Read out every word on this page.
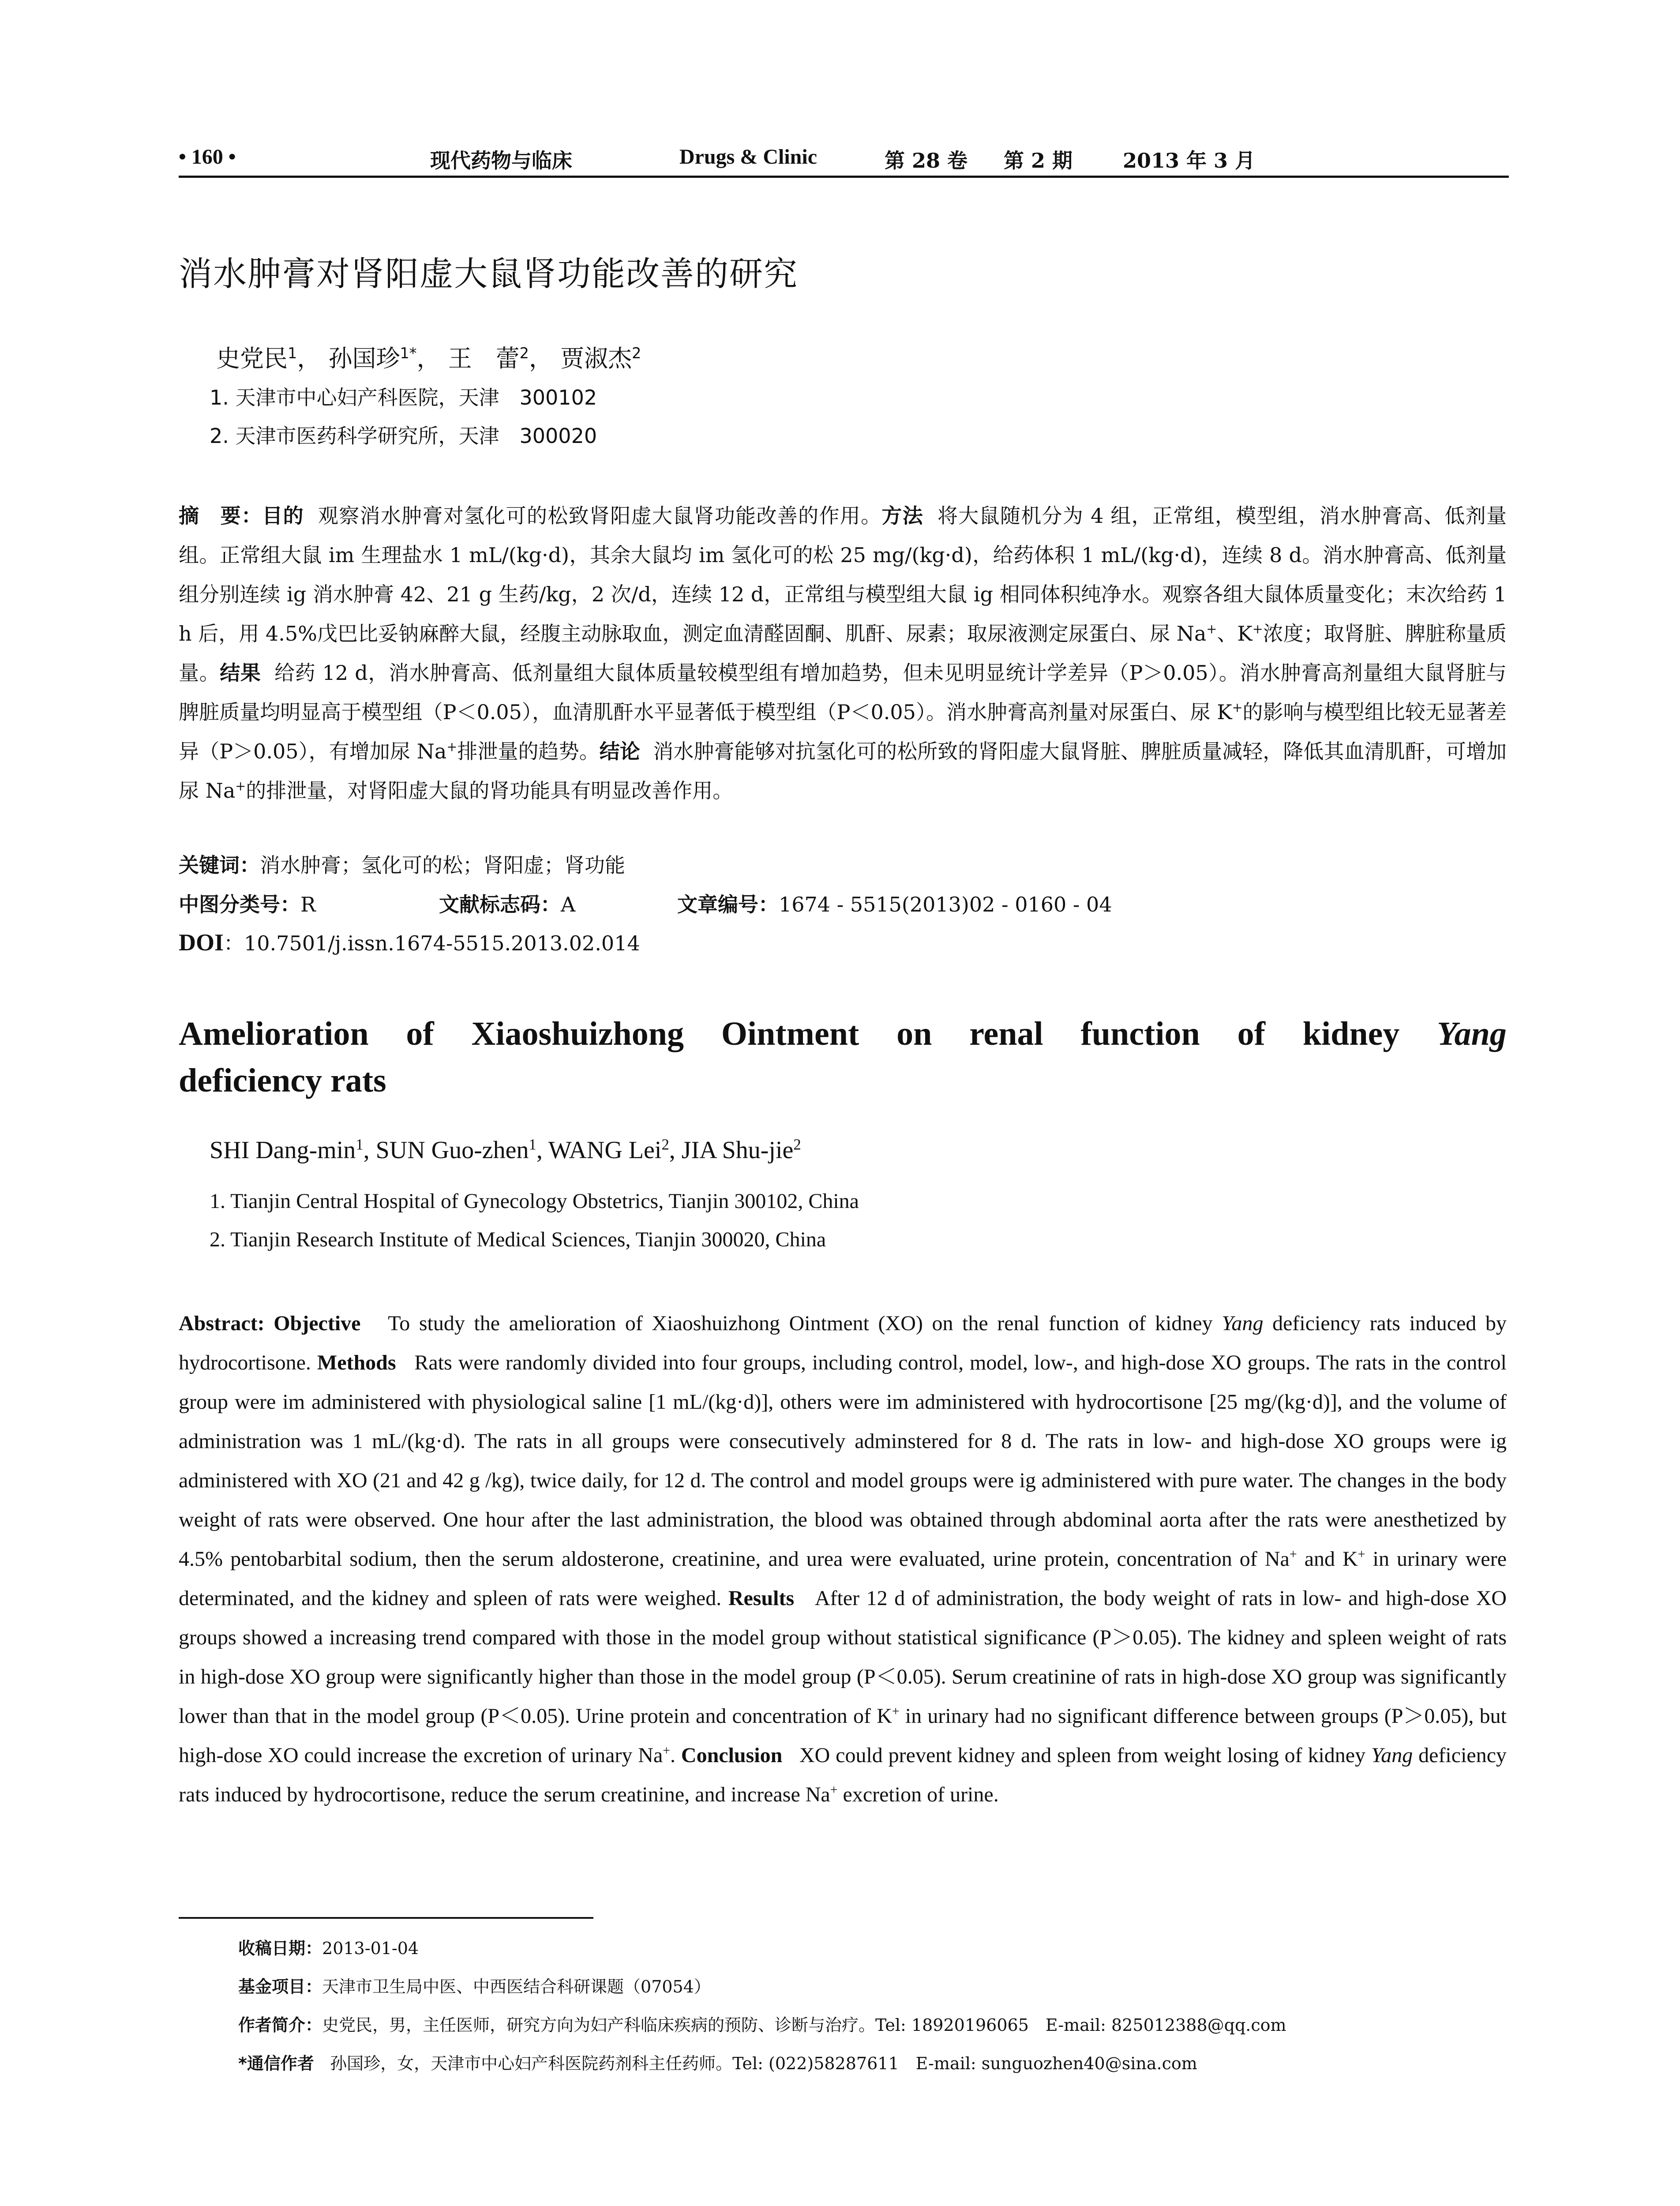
• 160 •	现代药物与临床	Drugs & Clinic	第 28 卷 第 2 期 2013 年 3 月
消水肿膏对肾阳虚大鼠肾功能改善的研究
史党民$^1$， 孙国珍$^{1*}$， 王　蕾$^2$， 贾淑杰$^2$
1. 天津市中心妇产科医院，天津　300102
2. 天津市医药科学研究所，天津　300020
摘　要：目的 观察消水肿膏对氢化可的松致肾阳虚大鼠肾功能改善的作用。方法 将大鼠随机分为 4 组，正常组，模型组，消水肿膏高、低剂量组。正常组大鼠 im 生理盐水 1 mL/(kg·d)，其余大鼠均 im 氢化可的松 25 mg/(kg·d)，给药体积 1 mL/(kg·d)，连续 8 d。消水肿膏高、低剂量组分别连续 ig 消水肿膏 42、21 g 生药/kg，2 次/d，连续 12 d，正常组与模型组大鼠 ig 相同体积纯净水。观察各组大鼠体质量变化；末次给药 1 h 后，用 4.5%戊巴比妥钠麻醉大鼠，经腹主动脉取血，测定血清醛固酮、肌酐、尿素；取尿液测定尿蛋白、尿 Na+、K+浓度；取肾脏、脾脏称量质量。结果 给药 12 d，消水肿膏高、低剂量组大鼠体质量较模型组有增加趋势，但未见明显统计学差异（P＞0.05）。消水肿膏高剂量组大鼠肾脏与脾脏质量均明显高于模型组（P＜0.05），血清肌酐水平显著低于模型组（P＜0.05）。消水肿膏高剂量对尿蛋白、尿 K+的影响与模型组比较无显著差异（P＞0.05），有增加尿 Na+排泄量的趋势。结论 消水肿膏能够对抗氢化可的松所致的肾阳虚大鼠肾脏、脾脏质量减轻，降低其血清肌酐，可增加尿 Na+的排泄量，对肾阳虚大鼠的肾功能具有明显改善作用。
关键词：消水肿膏；氢化可的松；肾阳虚；肾功能
中图分类号：R	文献标志码：A	文章编号：1674 - 5515(2013)02 - 0160 - 04
DOI：10.7501/j.issn.1674-5515.2013.02.014
Amelioration of Xiaoshuizhong Ointment on renal function of kidney Yang
deficiency rats
SHI Dang-$\min^1$, SUN Guo-zhen$^1$, WANG Lei$^2$, JIA Shu-jie$^2$
1. Tianjin Central Hospital of Gynecology Obstetrics, Tianjin 300102, China
2. Tianjin Research Institute of Medical Sciences, Tianjin 300020, China
Abstract: Objective To study the amelioration of Xiaoshuizhong Ointment (XO) on the renal function of kidney Yang deficiency rats induced by hydrocortisone. Methods Rats were randomly divided into four groups, including control, model, low-, and high-dose XO groups. The rats in the control group were im administered with physiological saline [1 mL/(kg·d)], others were im administered with hydrocortisone [25 mg/(kg·d)], and the volume of administration was 1 mL/(kg·d). The rats in all groups were consecutively adminstered for 8 d. The rats in low- and high-dose XO groups were ig administered with XO (21 and 42 g /kg), twice daily, for 12 d. The control and model groups were ig administered with pure water. The changes in the body weight of rats were observed. One hour after the last administration, the blood was obtained through abdominal aorta after the rats were anesthetized by 4.5% pentobarbital sodium, then the serum aldosterone, creatinine, and urea were evaluated, urine protein, concentration of Na+ and K+ in urinary were determinated, and the kidney and spleen of rats were weighed. Results After 12 d of administration, the body weight of rats in low- and high-dose XO groups showed a increasing trend compared with those in the model group without statistical significance (P＞0.05). The kidney and spleen weight of rats in high-dose XO group were significantly higher than those in the model group (P＜0.05). Serum creatinine of rats in high-dose XO group was significantly lower than that in the model group (P＜0.05). Urine protein and concentration of K+ in urinary had no significant difference between groups (P＞0.05), but high-dose XO could increase the excretion of urinary Na+. Conclusion XO could prevent kidney and spleen from weight losing of kidney Yang deficiency rats induced by hydrocortisone, reduce the serum creatinine, and increase Na+ excretion of urine.
收稿日期：2013-01-04
基金项目：天津市卫生局中医、中西医结合科研课题（07054）
作者简介：史党民，男，主任医师，研究方向为妇产科临床疾病的预防、诊断与治疗。Tel: 18920196065　E-mail: 825012388@qq.com
*通信作者 孙国珍，女，天津市中心妇产科医院药剂科主任药师。Tel: (022)58287611　E-mail: sunguozhen40@sina.com
